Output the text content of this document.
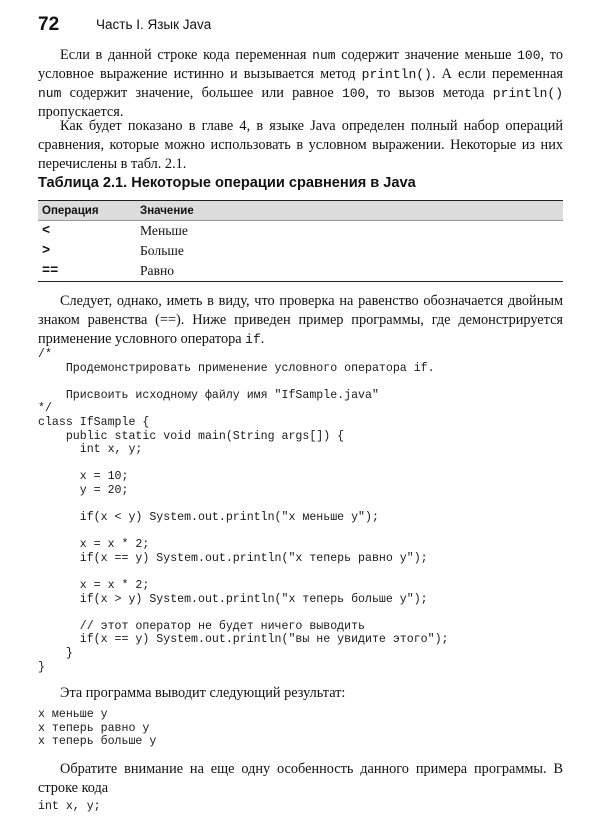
72	Часть I. Язык Java

Если в данной строке кода переменная num содержит значение меньше 100, то условное выражение истинно и вызывается метод println(). А если переменная num содержит значение, большее или равное 100, то вызов метода println() пропускается.

Как будет показано в главе 4, в языке Java определен полный набор операций сравнения, которые можно использовать в условном выражении. Некоторые из них перечислены в табл. 2.1.

Таблица 2.1. Некоторые операции сравнения в Java
Операция	Значение
<	Меньше
>	Больше
==	Равно

Следует, однако, иметь в виду, что проверка на равенство обозначается двойным знаком равенства (==). Ниже приведен пример программы, где демонстрируется применение условного оператора if.

/*
Продемонстрировать применение условного оператора if.

Присвоить исходному файлу имя "IfSample.java"
*/
class IfSample {
public static void main(String args[]) {
int x, y;

x = 10;
y = 20;

if(x < y) System.out.println("x меньше y");

x = x * 2;
if(x == y) System.out.println("x теперь равно y");

x = x * 2;
if(x > y) System.out.println("x теперь больше y");

// этот оператор не будет ничего выводить
if(x == y) System.out.println("вы не увидите этого");
}
}

Эта программа выводит следующий результат:

x меньше y
x теперь равно y
x теперь больше y

Обратите внимание на еще одну особенность данного примера программы. В строке кода

int x, y;
